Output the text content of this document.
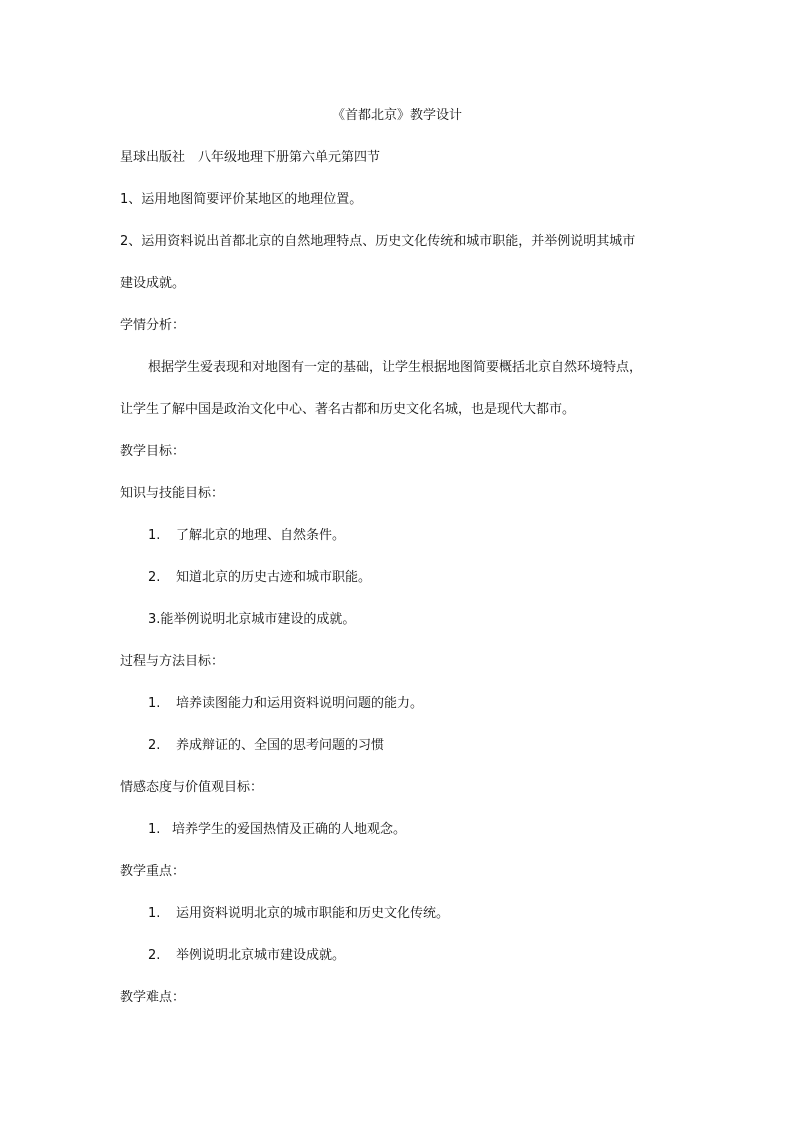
《首都北京》教学设计
星球出版社　八年级地理下册第六单元第四节
1、运用地图简要评价某地区的地理位置。
2、运用资料说出首都北京的自然地理特点、历史文化传统和城市职能，并举例说明其城市
建设成就。
学情分析：
根据学生爱表现和对地图有一定的基础，让学生根据地图简要概括北京自然环境特点，
让学生了解中国是政治文化中心、著名古都和历史文化名城，也是现代大都市。
教学目标：
知识与技能目标：
1. 了解北京的地理、自然条件。
2. 知道北京的历史古迹和城市职能。
3.能举例说明北京城市建设的成就。
过程与方法目标：
1. 培养读图能力和运用资料说明问题的能力。
2. 养成辩证的、全国的思考问题的习惯
情感态度与价值观目标：
1. 培养学生的爱国热情及正确的人地观念。
教学重点：
1. 运用资料说明北京的城市职能和历史文化传统。
2. 举例说明北京城市建设成就。
教学难点：
